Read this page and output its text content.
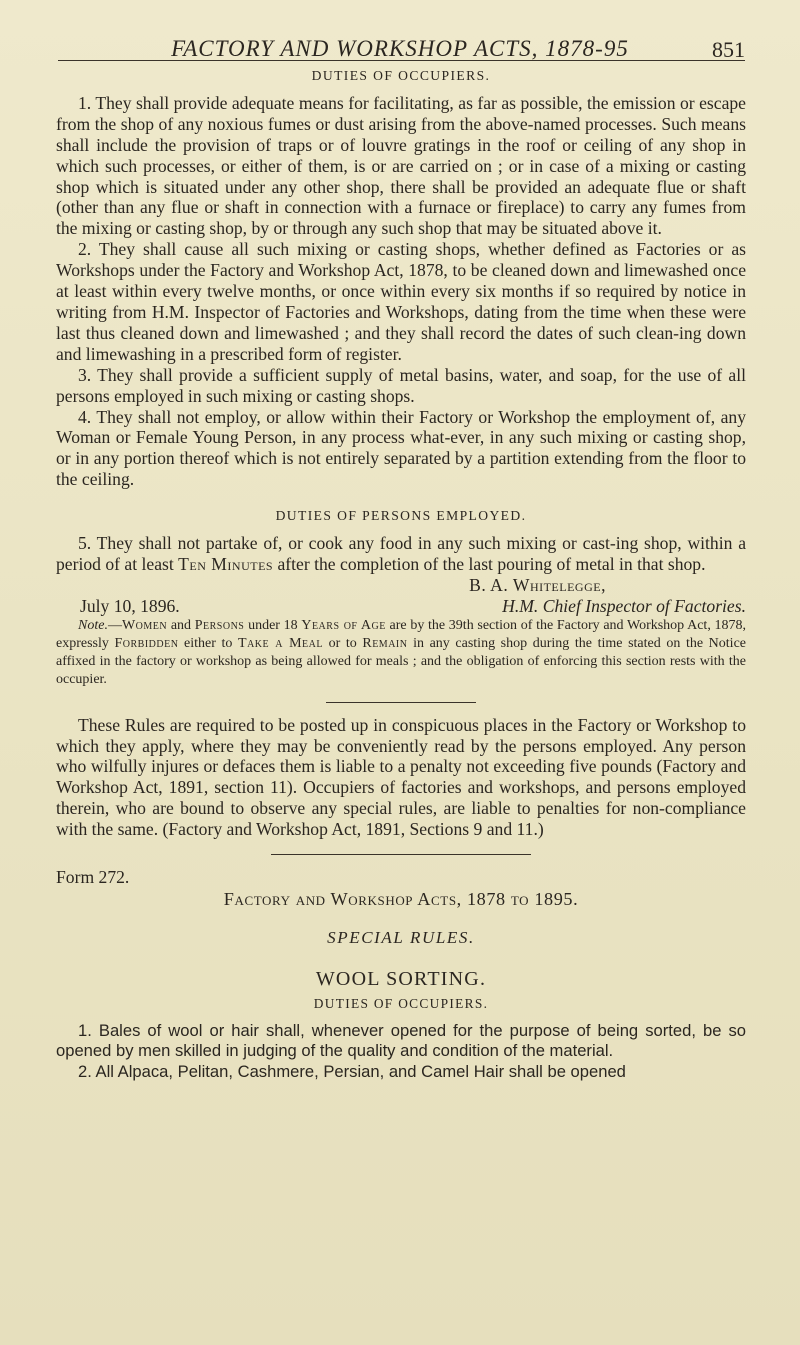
FACTORY AND WORKSHOP ACTS, 1878-95	851
DUTIES OF OCCUPIERS.

1. They shall provide adequate means for facilitating, as far as possible, the emission or escape from the shop of any noxious fumes or dust arising from the above-named processes. Such means shall include the provision of traps or of louvre gratings in the roof or ceiling of any shop in which such processes, or either of them, is or are carried on ; or in case of a mixing or casting shop which is situated under any other shop, there shall be provided an adequate flue or shaft (other than any flue or shaft in connection with a furnace or fireplace) to carry any fumes from the mixing or casting shop, by or through any such shop that may be situated above it.

2. They shall cause all such mixing or casting shops, whether defined as Factories or as Workshops under the Factory and Workshop Act, 1878, to be cleaned down and limewashed once at least within every twelve months, or once within every six months if so required by notice in writing from H.M. Inspector of Factories and Workshops, dating from the time when these were last thus cleaned down and limewashed ; and they shall record the dates of such clean-ing down and limewashing in a prescribed form of register.

3. They shall provide a sufficient supply of metal basins, water, and soap, for the use of all persons employed in such mixing or casting shops.

4. They shall not employ, or allow within their Factory or Workshop the employment of, any Woman or Female Young Person, in any process what-ever, in any such mixing or casting shop, or in any portion thereof which is not entirely separated by a partition extending from the floor to the ceiling.

DUTIES OF PERSONS EMPLOYED.

5. They shall not partake of, or cook any food in any such mixing or cast-ing shop, within a period of at least Ten Minutes after the completion of the last pouring of metal in that shop.

B. A. Whitelegge,
July 10, 1896.	H.M. Chief Inspector of Factories.

Note.—Women and Persons under 18 Years of Age are by the 39th section of the Factory and Workshop Act, 1878, expressly Forbidden either to Take a Meal or to Remain in any casting shop during the time stated on the Notice affixed in the factory or workshop as being allowed for meals ; and the obligation of enforcing this section rests with the occupier.

These Rules are required to be posted up in conspicuous places in the Factory or Workshop to which they apply, where they may be conveniently read by the persons employed. Any person who wilfully injures or defaces them is liable to a penalty not exceeding five pounds (Factory and Workshop Act, 1891, section 11). Occupiers of factories and workshops, and persons employed therein, who are bound to observe any special rules, are liable to penalties for non-compliance with the same. (Factory and Workshop Act, 1891, Sections 9 and 11.)

Form 272.

Factory and Workshop Acts, 1878 to 1895.
SPECIAL RULES.
WOOL SORTING.
DUTIES OF OCCUPIERS.

1. Bales of wool or hair shall, whenever opened for the purpose of being sorted, be so opened by men skilled in judging of the quality and condition of the material.

2. All Alpaca, Pelitan, Cashmere, Persian, and Camel Hair shall be opened
